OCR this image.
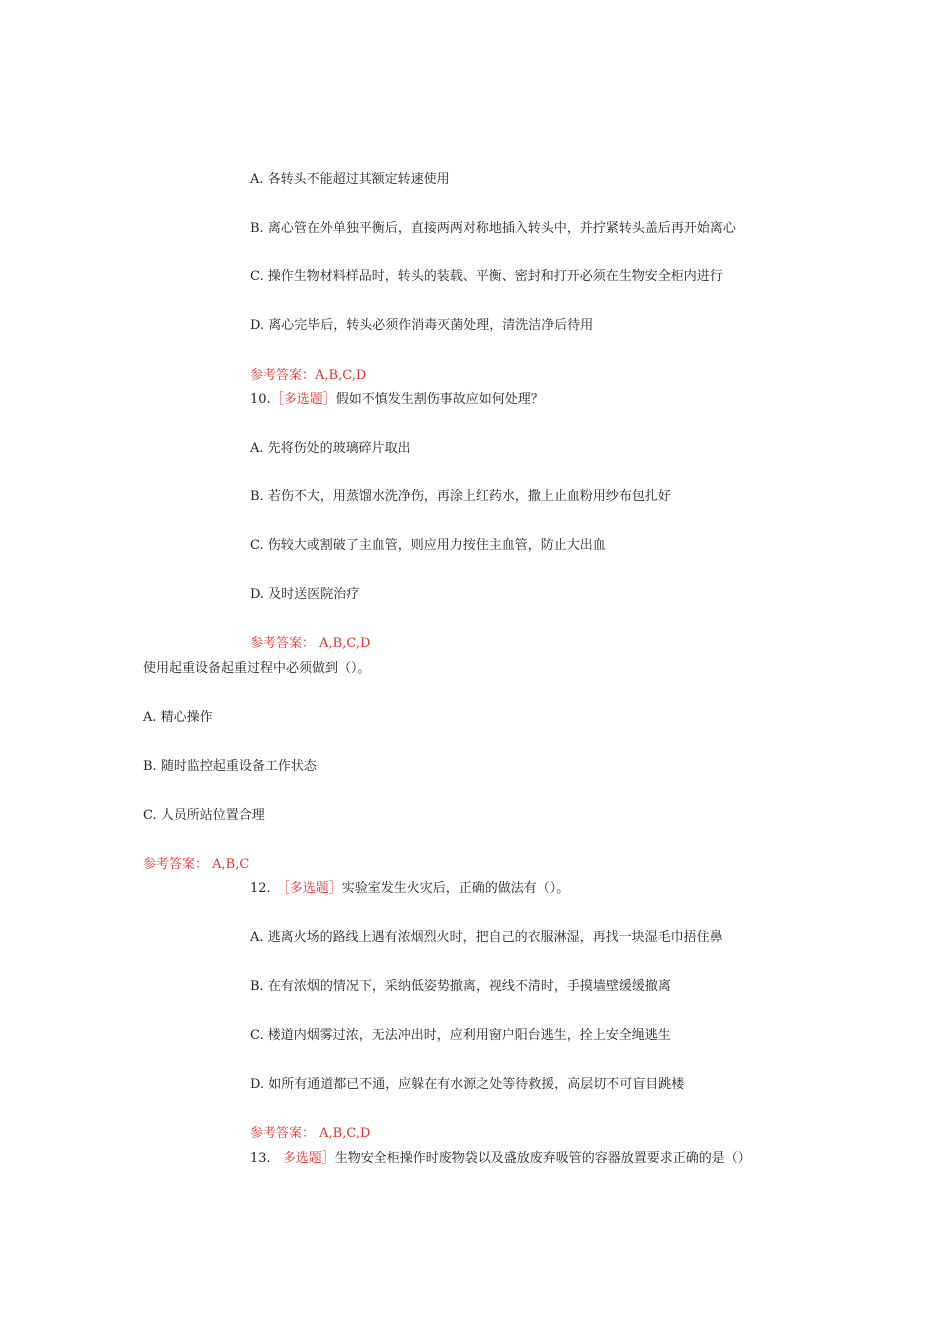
A. 各转头不能超过其额定转速使用
B. 离心管在外单独平衡后，直接两两对称地插入转头中，并拧紧转头盖后再开始离心
C. 操作生物材料样品时，转头的装载、平衡、密封和打开必须在生物安全柜内进行
D. 离心完毕后，转头必须作消毒灭菌处理，清洗洁净后待用
参考答案：A,B,C,D
10.［多选题］假如不慎发生割伤事故应如何处理？
A. 先将伤处的玻璃碎片取出
B. 若伤不大，用蒸馏水洗净伤，再涂上红药水，撒上止血粉用纱布包扎好
C. 伤较大或割破了主血管，则应用力按住主血管，防止大出血
D. 及时送医院治疗
参考答案： A,B,C,D
使用起重设备起重过程中必须做到（）。
A. 精心操作
B. 随时监控起重设备工作状态
C. 人员所站位置合理
参考答案： A,B,C
12. ［多选题］实验室发生火灾后，正确的做法有（）。
A. 逃离火场的路线上遇有浓烟烈火时，把自己的衣服淋湿，再找一块湿毛巾捂住鼻
B. 在有浓烟的情况下，采纳低姿势撤离，视线不清时，手摸墙壁缓缓撤离
C. 楼道内烟雾过浓，无法冲出时，应利用窗户阳台逃生，拴上安全绳逃生
D. 如所有通道都已不通，应躲在有水源之处等待救援，高层切不可盲目跳楼
参考答案： A,B,C,D
13. 多选题］生物安全柜操作时废物袋以及盛放废弃吸管的容器放置要求正确的是（）
